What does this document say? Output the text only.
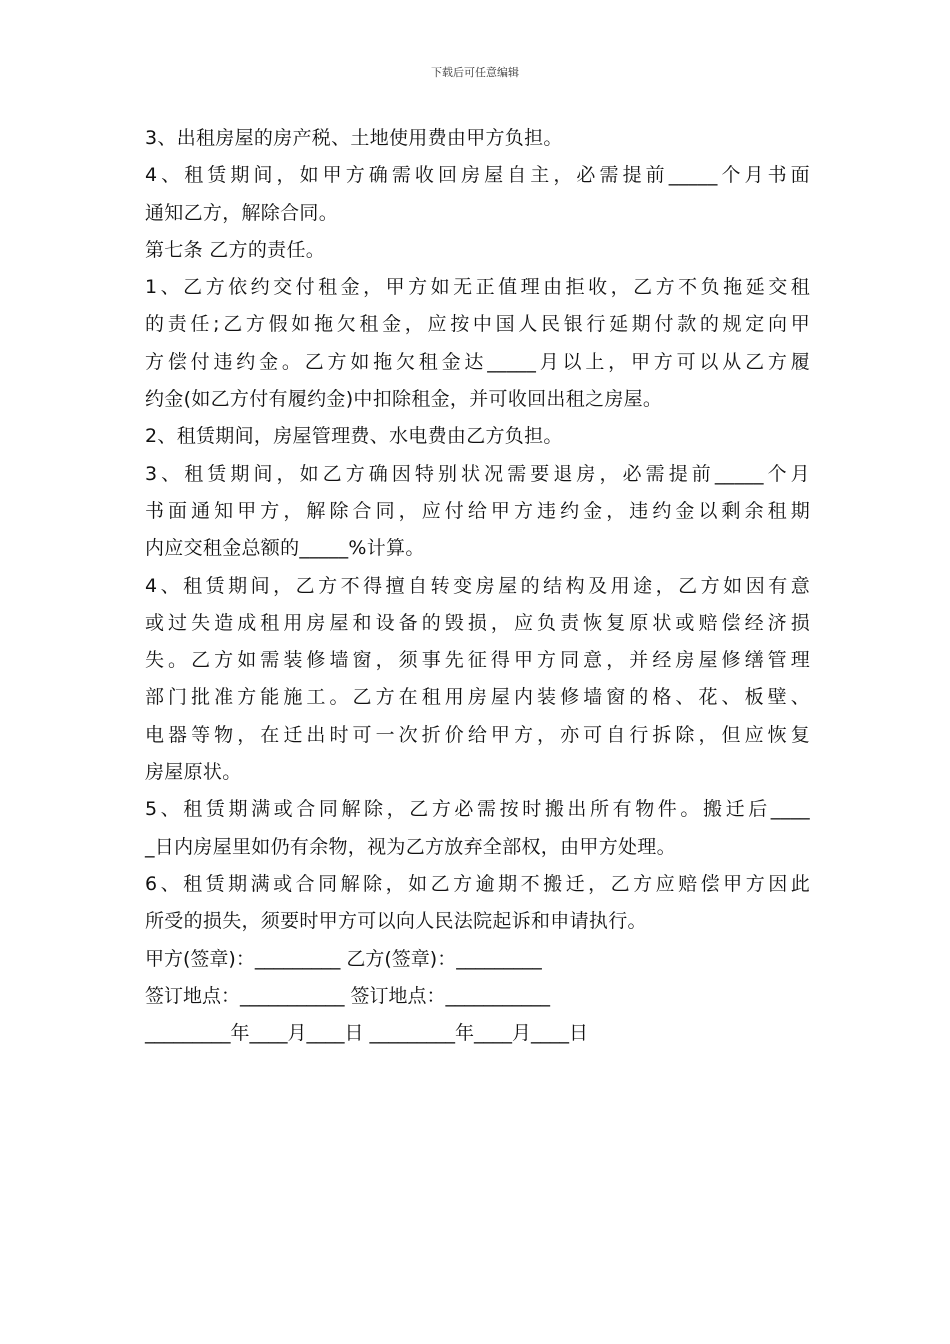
下载后可任意编辑
3、出租房屋的房产税、土地使用费由甲方负担。
4、租赁期间，如甲方确需收回房屋自主，必需提前_____个月书面
通知乙方，解除合同。
第七条 乙方的责任。
1、乙方依约交付租金，甲方如无正值理由拒收，乙方不负拖延交租
的责任;乙方假如拖欠租金，应按中国人民银行延期付款的规定向甲
方偿付违约金。乙方如拖欠租金达_____月以上，甲方可以从乙方履
约金(如乙方付有履约金)中扣除租金，并可收回出租之房屋。
2、租赁期间，房屋管理费、水电费由乙方负担。
3、租赁期间，如乙方确因特别状况需要退房，必需提前_____个月
书面通知甲方，解除合同，应付给甲方违约金，违约金以剩余租期
内应交租金总额的_____%计算。
4、租赁期间，乙方不得擅自转变房屋的结构及用途，乙方如因有意
或过失造成租用房屋和设备的毁损，应负责恢复原状或赔偿经济损
失。乙方如需装修墙窗，须事先征得甲方同意，并经房屋修缮管理
部门批准方能施工。乙方在租用房屋内装修墙窗的格、花、板壁、
电器等物，在迁出时可一次折价给甲方，亦可自行拆除，但应恢复
房屋原状。
5、租赁期满或合同解除，乙方必需按时搬出所有物件。搬迁后____
_日内房屋里如仍有余物，视为乙方放弃全部权，由甲方处理。
6、租赁期满或合同解除，如乙方逾期不搬迁，乙方应赔偿甲方因此
所受的损失，须要时甲方可以向人民法院起诉和申请执行。
甲方(签章)：_________ 乙方(签章)：_________
签订地点：___________ 签订地点：___________
_________年____月____日 _________年____月____日
